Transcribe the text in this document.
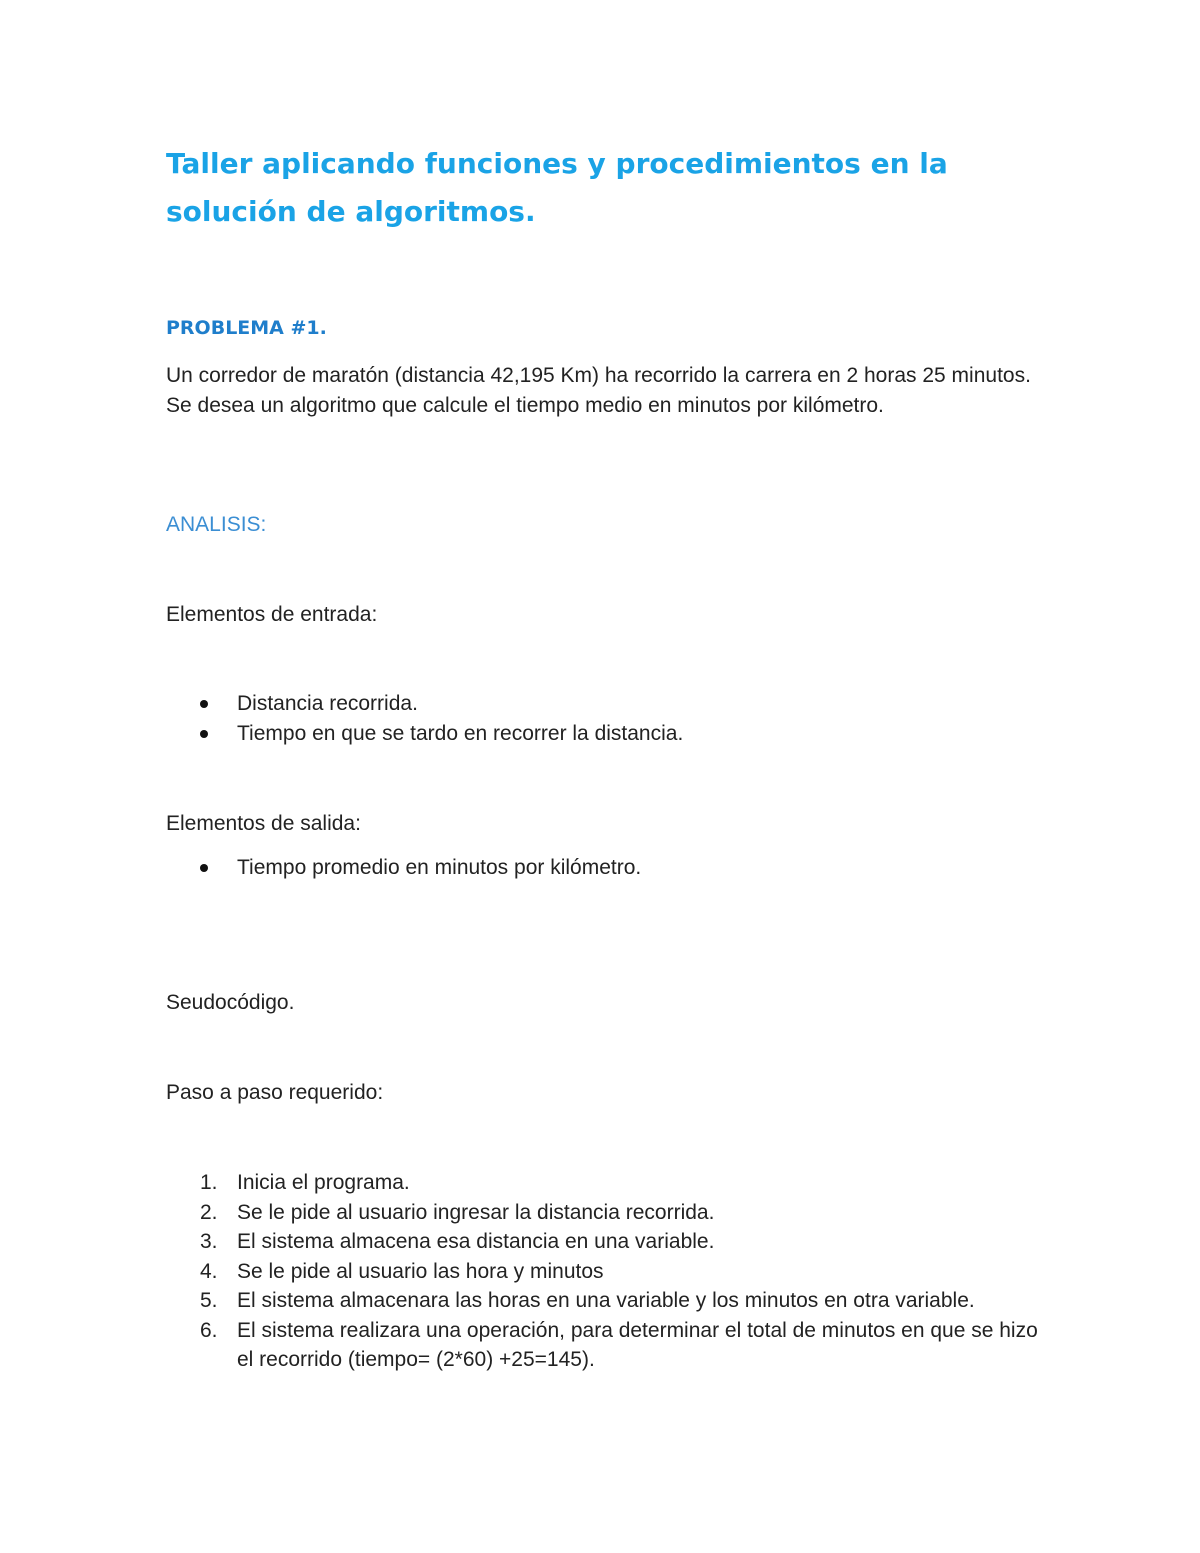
Taller aplicando funciones y procedimientos en la solución de algoritmos.
PROBLEMA #1.

Un corredor de maratón (distancia 42,195 Km) ha recorrido la carrera en 2 horas 25 minutos. Se desea un algoritmo que calcule el tiempo medio en minutos por kilómetro.

ANALISIS:

Elementos de entrada:

Distancia recorrida.
Tiempo en que se tardo en recorrer la distancia.

Elementos de salida:

Tiempo promedio en minutos por kilómetro.

Seudocódigo.

Paso a paso requerido:

1. Inicia el programa.
2. Se le pide al usuario ingresar la distancia recorrida.
3. El sistema almacena esa distancia en una variable.
4. Se le pide al usuario las hora y minutos
5. El sistema almacenara las horas en una variable y los minutos en otra variable.
6. El sistema realizara una operación, para determinar el total de minutos en que se hizo el recorrido (tiempo= (2*60) +25=145).
